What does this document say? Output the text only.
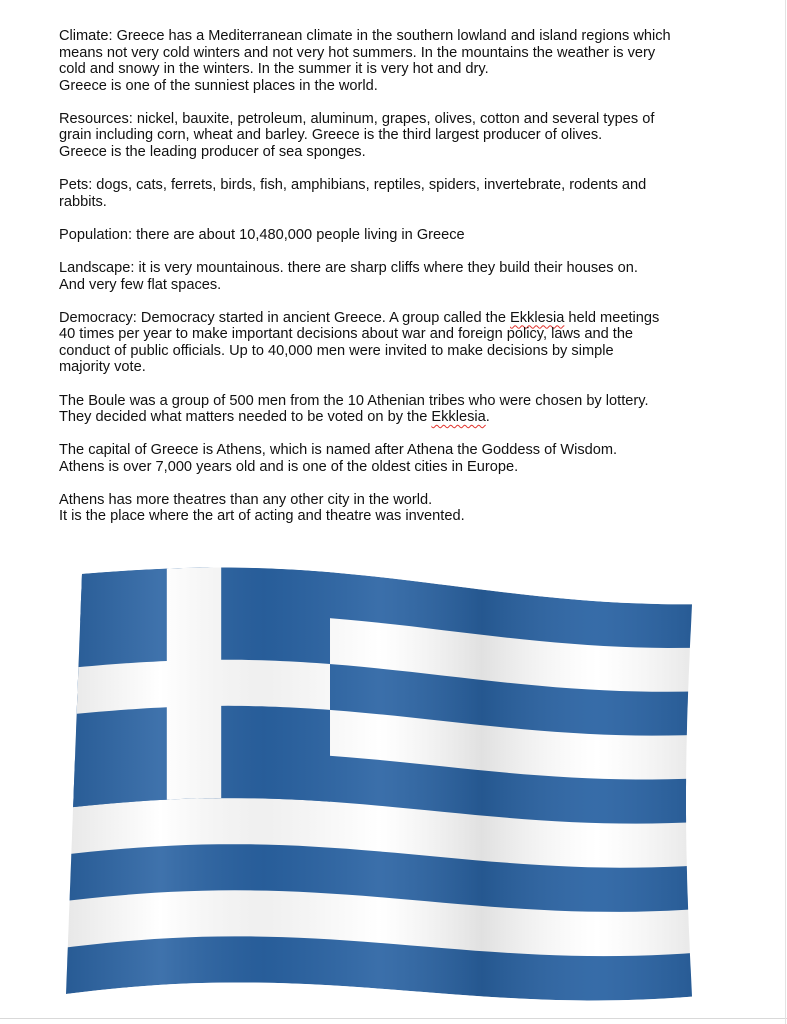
Climate: Greece has a Mediterranean climate in the southern lowland and island regions which
means not very cold winters and not very hot summers. In the mountains the weather is very
cold and snowy in the winters. In the summer it is very hot and dry.
Greece is one of the sunniest places in the world.

Resources: nickel, bauxite, petroleum, aluminum, grapes, olives, cotton and several types of
grain including corn, wheat and barley. Greece is the third largest producer of olives.
Greece is the leading producer of sea sponges.

Pets: dogs, cats, ferrets, birds, fish, amphibians, reptiles, spiders, invertebrate, rodents and
rabbits.

Population: there are about 10,480,000 people living in Greece

Landscape: it is very mountainous. there are sharp cliffs where they build their houses on.
And very few flat spaces.

Democracy: Democracy started in ancient Greece. A group called the Ekklesia held meetings
40 times per year to make important decisions about war and foreign policy, laws and the
conduct of public officials. Up to 40,000 men were invited to make decisions by simple
majority vote.

The Boule was a group of 500 men from the 10 Athenian tribes who were chosen by lottery.
They decided what matters needed to be voted on by the Ekklesia.

The capital of Greece is Athens, which is named after Athena the Goddess of Wisdom.
Athens is over 7,000 years old and is one of the oldest cities in Europe.

Athens has more theatres than any other city in the world.
It is the place where the art of acting and theatre was invented.
